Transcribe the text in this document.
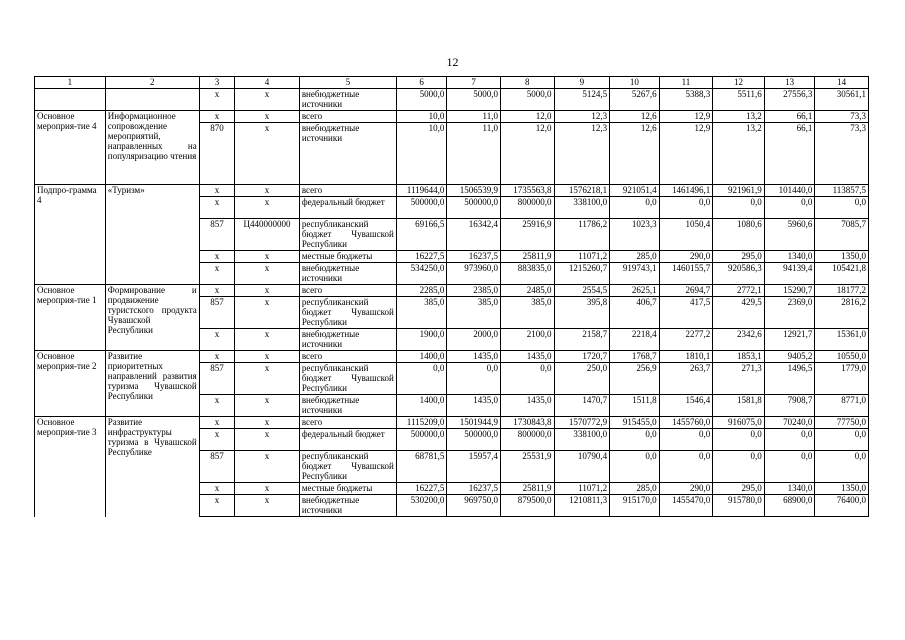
12
1	2	3	4	5	6	7	8	9	10	11	12	13	14
		х	х	внебюджетные источники	5000,0	5000,0	5000,0	5124,5	5267,6	5388,3	5511,6	27556,3	30561,1
Основное мероприя-тие 4	Информационное сопровождение мероприятий, направленных на популяризацию чтения	х	х	всего	10,0	11,0	12,0	12,3	12,6	12,9	13,2	66,1	73,3
		870	х	внебюджетные источники	10,0	11,0	12,0	12,3	12,6	12,9	13,2	66,1	73,3
Подпро-грамма 4	«Туризм»	х	х	всего	1119644,0	1506539,9	1735563,8	1576218,1	921051,4	1461496,1	921961,9	101440,0	113857,5
		х	х	федеральный бюджет	500000,0	500000,0	800000,0	338100,0	0,0	0,0	0,0	0,0	0,0
		857	Ц440000000	республиканский бюджет Чувашской Республики	69166,5	16342,4	25916,9	11786,2	1023,3	1050,4	1080,6	5960,6	7085,7
		х	х	местные бюджеты	16227,5	16237,5	25811,9	11071,2	285,0	290,0	295,0	1340,0	1350,0
		х	х	внебюджетные источники	534250,0	973960,0	883835,0	1215260,7	919743,1	1460155,7	920586,3	94139,4	105421,8
Основное мероприя-тие 1	Формирование и продвижение туристского продукта Чувашской Республики	х	х	всего	2285,0	2385,0	2485,0	2554,5	2625,1	2694,7	2772,1	15290,7	18177,2
		857	х	республиканский бюджет Чувашской Республики	385,0	385,0	385,0	395,8	406,7	417,5	429,5	2369,0	2816,2
		х	х	внебюджетные источники	1900,0	2000,0	2100,0	2158,7	2218,4	2277,2	2342,6	12921,7	15361,0
Основное мероприя-тие 2	Развитие приоритетных направлений развития туризма Чувашской Республики	х	х	всего	1400,0	1435,0	1435,0	1720,7	1768,7	1810,1	1853,1	9405,2	10550,0
		857	х	республиканский бюджет Чувашской Республики	0,0	0,0	0,0	250,0	256,9	263,7	271,3	1496,5	1779,0
		х	х	внебюджетные источники	1400,0	1435,0	1435,0	1470,7	1511,8	1546,4	1581,8	7908,7	8771,0
Основное мероприя-тие 3	Развитие инфраструктуры туризма в Чувашской Республике	х	х	всего	1115209,0	1501944,9	1730843,8	1570772,9	915455,0	1455760,0	916075,0	70240,0	77750,0
		х	х	федеральный бюджет	500000,0	500000,0	800000,0	338100,0	0,0	0,0	0,0	0,0	0,0
		857	х	республиканский бюджет Чувашской Республики	68781,5	15957,4	25531,9	10790,4	0,0	0,0	0,0	0,0	0,0
		х	х	местные бюджеты	16227,5	16237,5	25811,9	11071,2	285,0	290,0	295,0	1340,0	1350,0
		х	х	внебюджетные источники	530200,0	969750,0	879500,0	1210811,3	915170,0	1455470,0	915780,0	68900,0	76400,0
